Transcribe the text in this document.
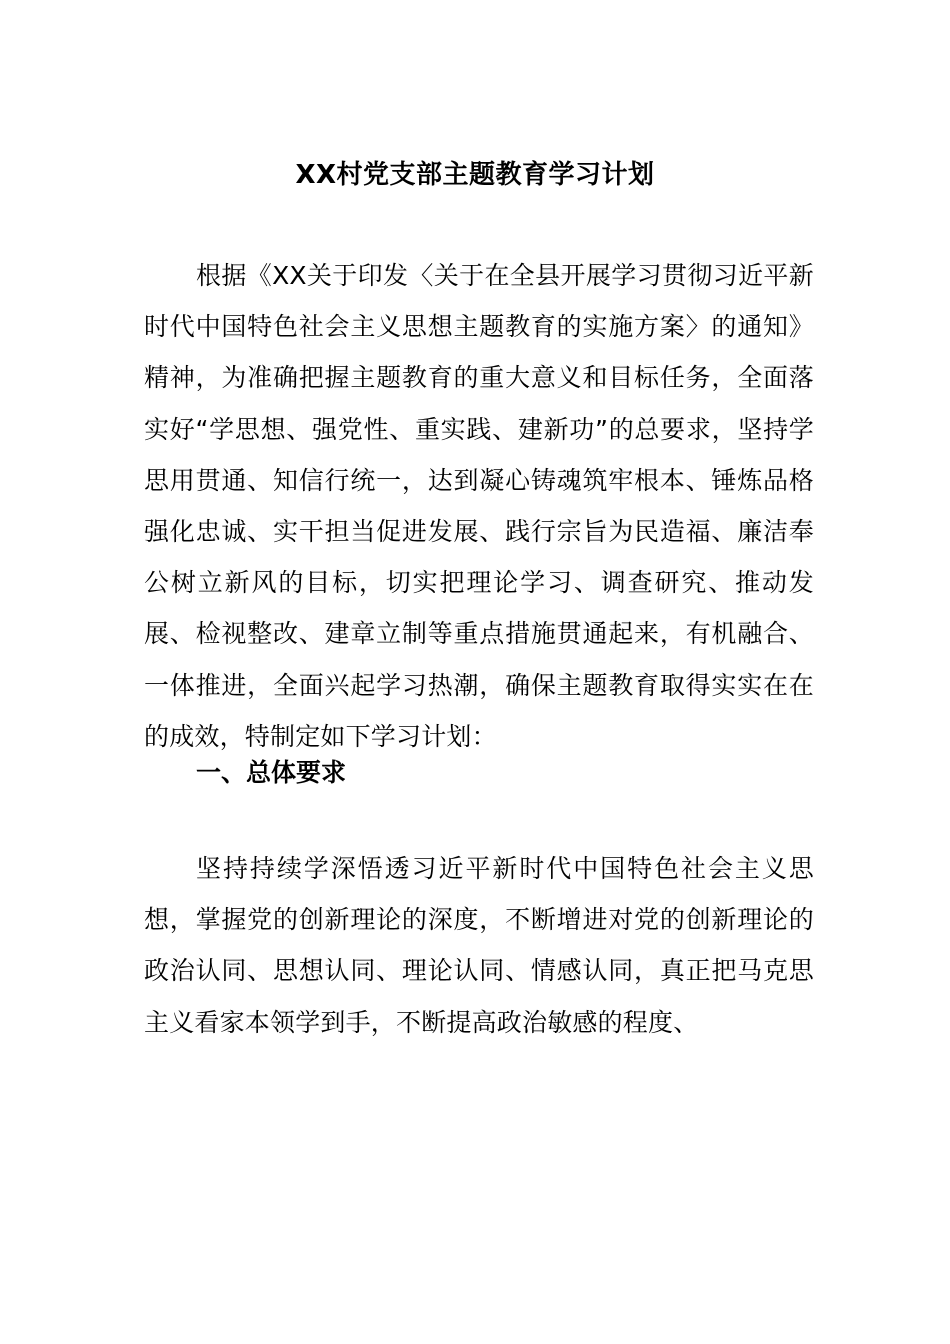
XX村党支部主题教育学习计划

根据《XX关于印发〈关于在全县开展学习贯彻习近平新时代中国特色社会主义思想主题教育的实施方案〉的通知》精神，为准确把握主题教育的重大意义和目标任务，全面落实好“学思想、强党性、重实践、建新功”的总要求，坚持学思用贯通、知信行统一，达到凝心铸魂筑牢根本、锤炼品格强化忠诚、实干担当促进发展、践行宗旨为民造福、廉洁奉公树立新风的目标，切实把理论学习、调查研究、推动发展、检视整改、建章立制等重点措施贯通起来，有机融合、一体推进，全面兴起学习热潮，确保主题教育取得实实在在的成效，特制定如下学习计划：

一、总体要求

坚持持续学深悟透习近平新时代中国特色社会主义思想，掌握党的创新理论的深度，不断增进对党的创新理论的政治认同、思想认同、理论认同、情感认同，真正把马克思主义看家本领学到手，不断提高政治敏感的程度、
